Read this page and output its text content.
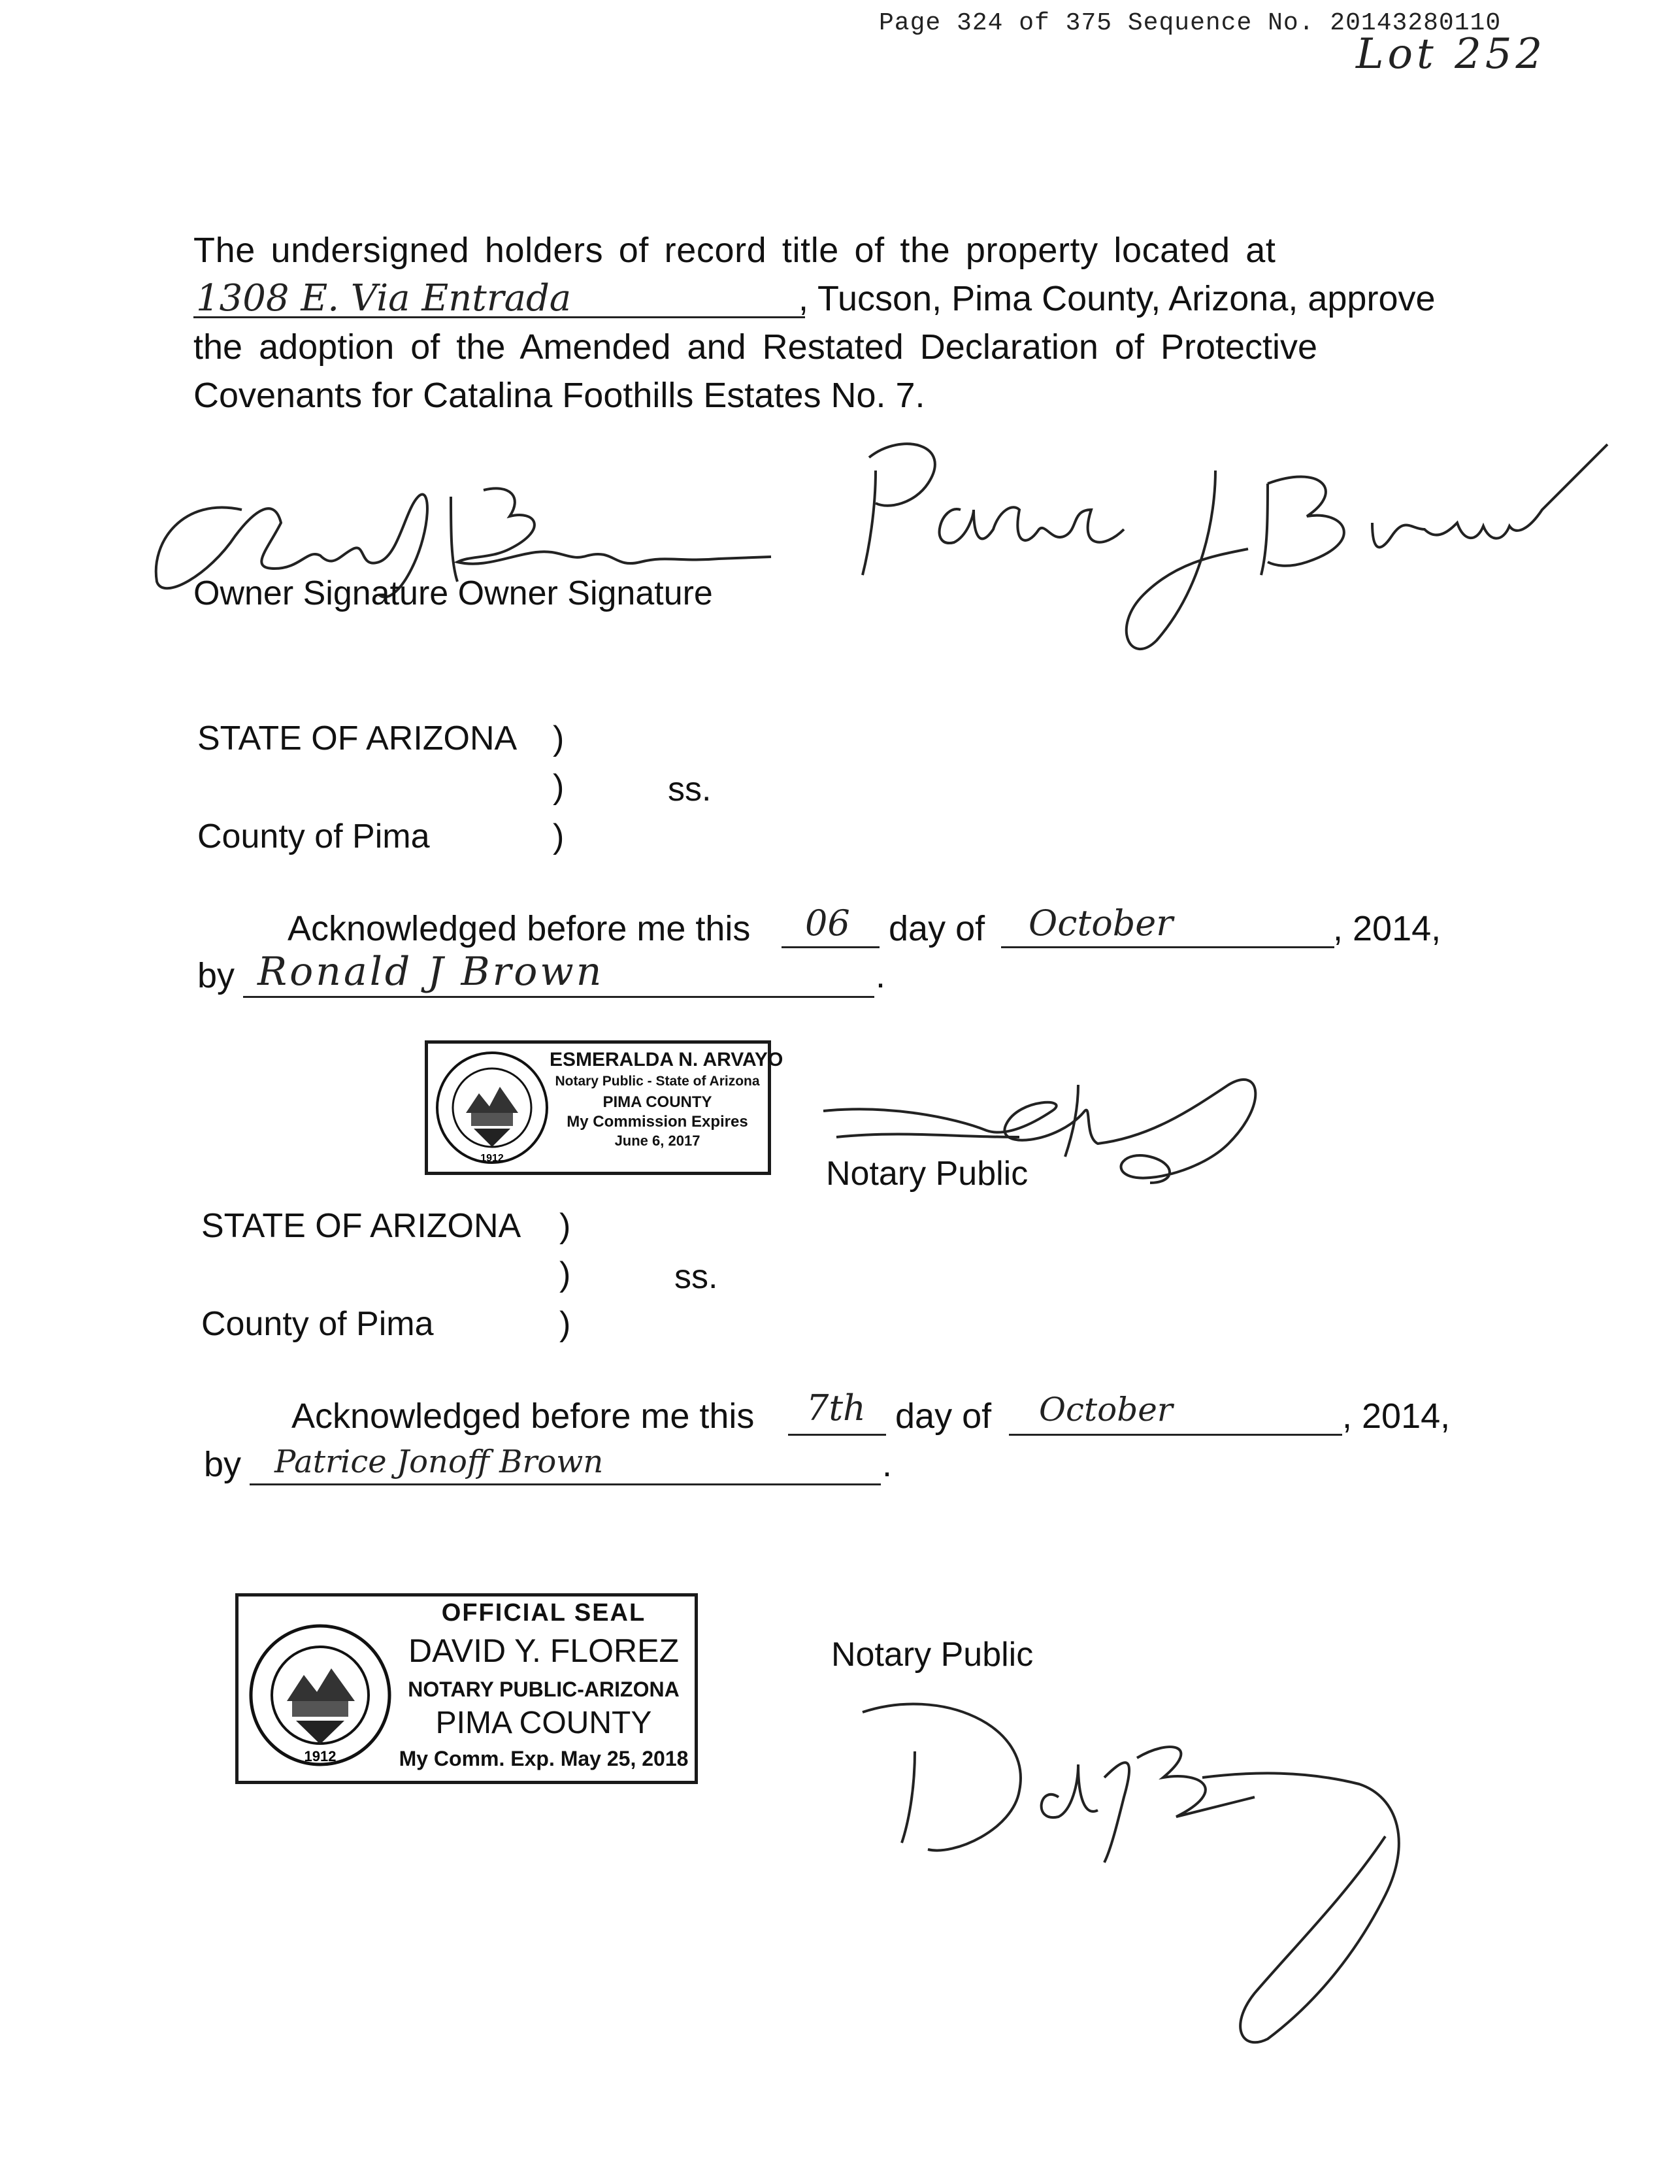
Page 324 of 375 Sequence No. 20143280110
Lot 252
The undersigned holders of record title of the property located at
1308 E. Via Entrada	, Tucson, Pima County, Arizona, approve
the adoption of the Amended and Restated Declaration of Protective
Covenants for Catalina Foothills Estates No. 7.
Owner Signature Owner Signature
STATE OF ARIZONA )
)	ss.
County of Pima	)
Acknowledged before me this 06 day of October	, 2014,
by Ronald J Brown	.
1912
ESMERALDA N. ARVAYO
Notary Public - State of Arizona
PIMA COUNTY
My Commission Expires
June 6, 2017
Notary Public
STATE OF ARIZONA )
)	ss.
County of Pima	)
Acknowledged before me this 7th day of October	, 2014,
by Patrice Jonoff Brown	.
1912
OFFICIAL SEAL
DAVID Y. FLOREZ
NOTARY PUBLIC-ARIZONA
PIMA COUNTY
My Comm. Exp. May 25, 2018
Notary Public
